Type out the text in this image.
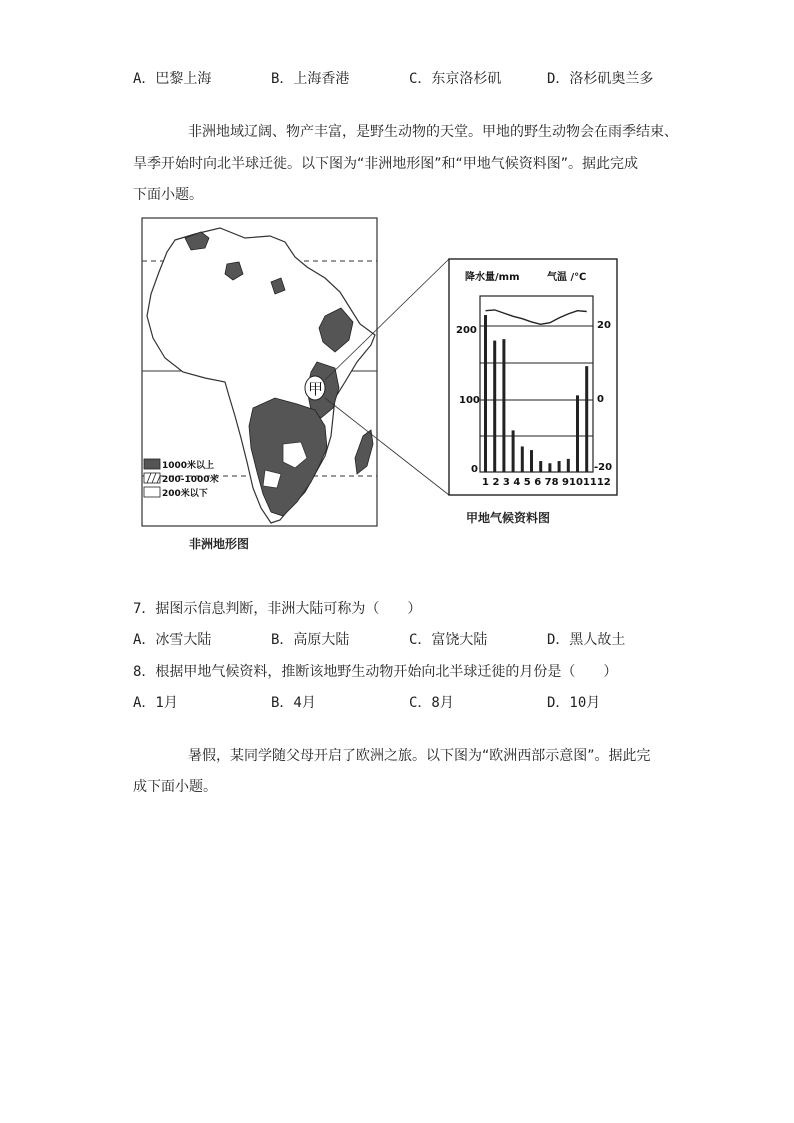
A．巴黎上海	B．上海香港	C．东京洛杉矶	D．洛杉矶奥兰多
非洲地域辽阔、物产丰富，是野生动物的天堂。甲地的野生动物会在雨季结束、
旱季开始时向北半球迁徙。以下图为“非洲地形图”和“甲地气候资料图”。据此完成
下面小题。
甲
1000米以上
200-1000米
200米以下
降水量/mm	气温 /℃
200
100
0
20
0
-20
1 2 3 4 5 6 78 9101112
非洲地形图
甲地气候资料图
7．据图示信息判断，非洲大陆可称为（　　）
A．冰雪大陆	B．高原大陆	C．富饶大陆	D．黑人故土
8．根据甲地气候资料，推断该地野生动物开始向北半球迁徙的月份是（　　）
A．1月	B．4月	C．8月	D．10月
暑假，某同学随父母开启了欧洲之旅。以下图为“欧洲西部示意图”。据此完
成下面小题。
